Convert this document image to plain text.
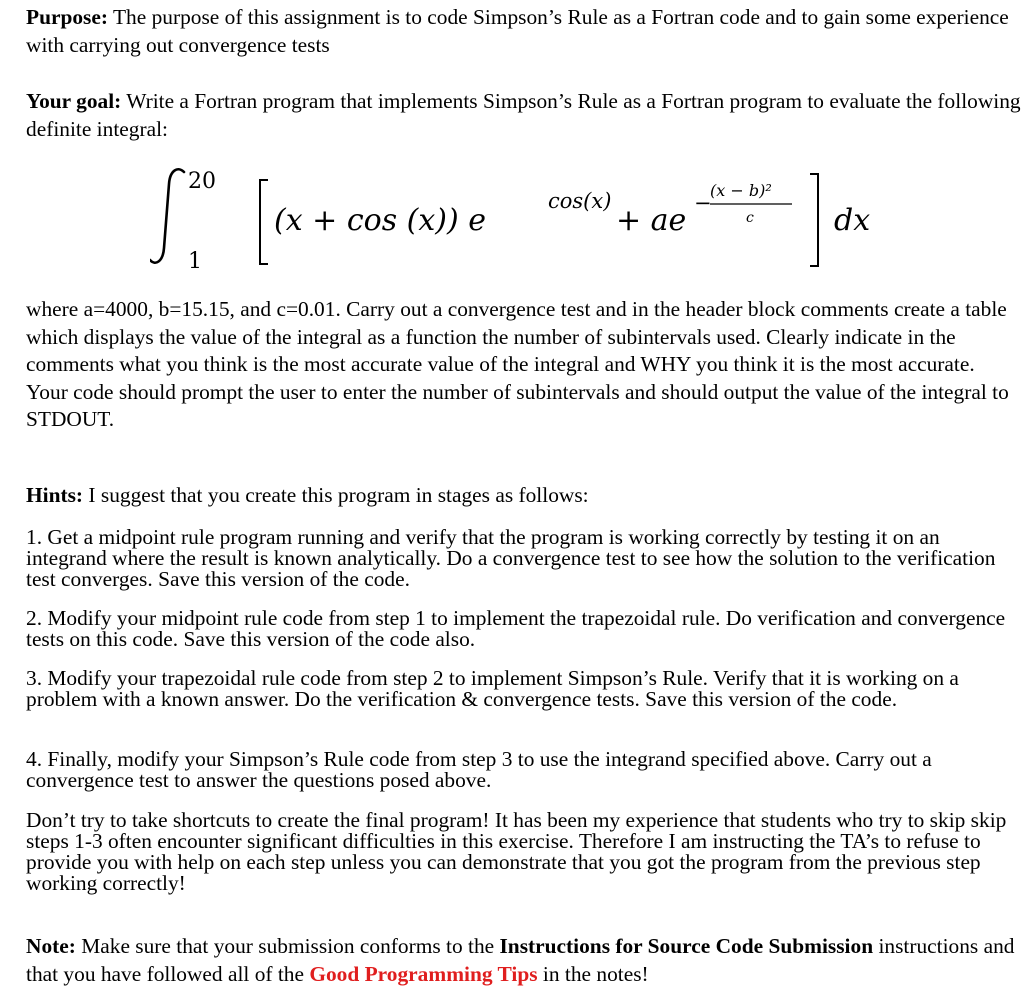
Purpose: The purpose of this assignment is to code Simpson’s Rule as a Fortran code and to gain some experience with carrying out convergence tests

Your goal: Write a Fortran program that implements Simpson’s Rule as a Fortran program to evaluate the following definite integral:

20
1
(x + cos (x)) e
cos(x)
+ ae −
(x − b)²
c	dx

where a=4000, b=15.15, and c=0.01. Carry out a convergence test and in the header block comments create a table which displays the value of the integral as a function the number of subintervals used. Clearly indicate in the comments what you think is the most accurate value of the integral and WHY you think it is the most accurate. Your code should prompt the user to enter the number of subintervals and should output the value of the integral to STDOUT.

Hints: I suggest that you create this program in stages as follows:

1. Get a midpoint rule program running and verify that the program is working correctly by testing it on an integrand where the result is known analytically. Do a convergence test to see how the solution to the verification test converges. Save this version of the code.

2. Modify your midpoint rule code from step 1 to implement the trapezoidal rule. Do verification and convergence tests on this code. Save this version of the code also.

3. Modify your trapezoidal rule code from step 2 to implement Simpson’s Rule. Verify that it is working on a problem with a known answer. Do the verification & convergence tests. Save this version of the code.

4. Finally, modify your Simpson’s Rule code from step 3 to use the integrand specified above. Carry out a convergence test to answer the questions posed above.

Don’t try to take shortcuts to create the final program! It has been my experience that students who try to skip skip steps 1-3 often encounter significant difficulties in this exercise. Therefore I am instructing the TA’s to refuse to provide you with help on each step unless you can demonstrate that you got the program from the previous step working correctly!

Note: Make sure that your submission conforms to the Instructions for Source Code Submission instructions and that you have followed all of the Good Programming Tips in the notes!
